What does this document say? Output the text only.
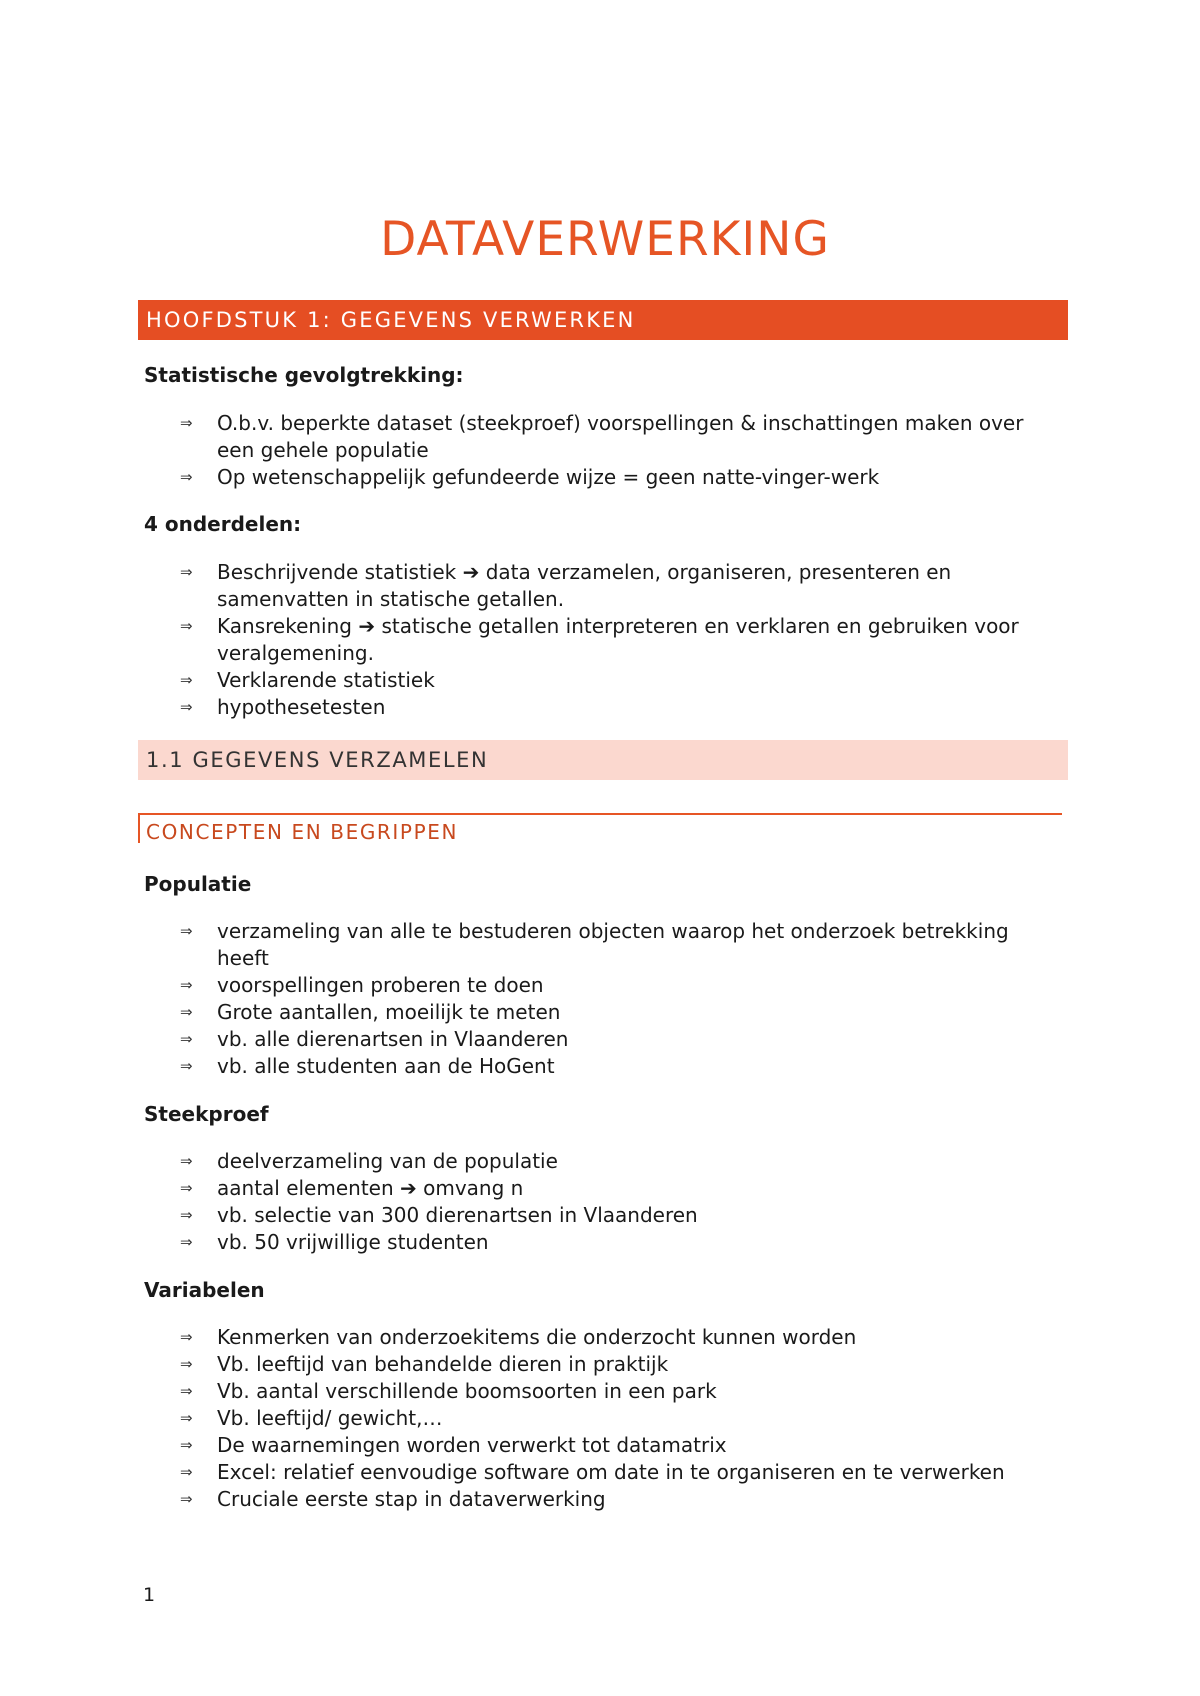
DATAVERWERKING
HOOFDSTUK 1: GEGEVENS VERWERKEN
Statistische gevolgtrekking:
⇒ O.b.v. beperkte dataset (steekproef) voorspellingen & inschattingen maken over een gehele populatie
⇒ Op wetenschappelijk gefundeerde wijze = geen natte-vinger-werk
4 onderdelen:
⇒ Beschrijvende statistiek ➔ data verzamelen, organiseren, presenteren en samenvatten in statische getallen.
⇒ Kansrekening ➔ statische getallen interpreteren en verklaren en gebruiken voor veralgemening.
⇒ Verklarende statistiek
⇒ hypothesetesten
1.1 GEGEVENS VERZAMELEN
CONCEPTEN EN BEGRIPPEN
Populatie
⇒ verzameling van alle te bestuderen objecten waarop het onderzoek betrekking heeft
⇒ voorspellingen proberen te doen
⇒ Grote aantallen, moeilijk te meten
⇒ vb. alle dierenartsen in Vlaanderen
⇒ vb. alle studenten aan de HoGent
Steekproef
⇒ deelverzameling van de populatie
⇒ aantal elementen ➔ omvang n
⇒ vb. selectie van 300 dierenartsen in Vlaanderen
⇒ vb. 50 vrijwillige studenten
Variabelen
⇒ Kenmerken van onderzoekitems die onderzocht kunnen worden
⇒ Vb. leeftijd van behandelde dieren in praktijk
⇒ Vb. aantal verschillende boomsoorten in een park
⇒ Vb. leeftijd/ gewicht,…
⇒ De waarnemingen worden verwerkt tot datamatrix
⇒ Excel: relatief eenvoudige software om date in te organiseren en te verwerken
⇒ Cruciale eerste stap in dataverwerking
1
